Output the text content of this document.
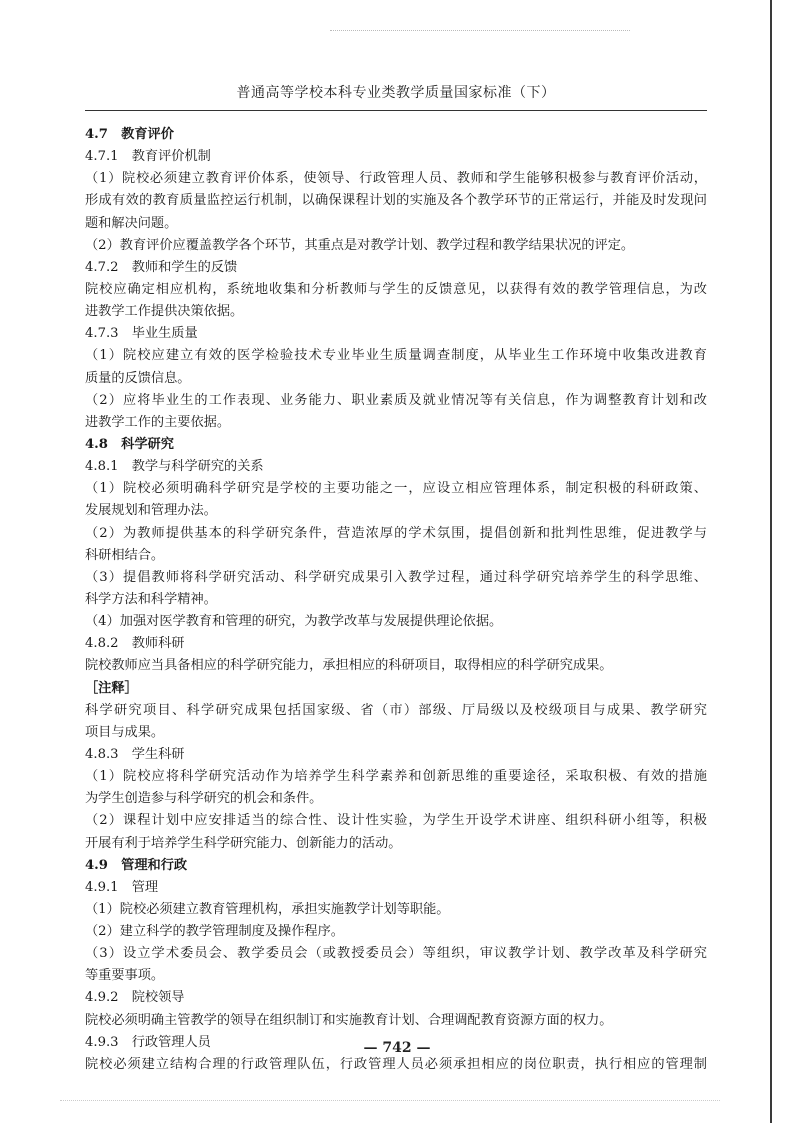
普通高等学校本科专业类教学质量国家标准（下）
4.7　教育评价
4.7.1　教育评价机制
（1）院校必须建立教育评价体系，使领导、行政管理人员、教师和学生能够积极参与教育评价活动，
形成有效的教育质量监控运行机制，以确保课程计划的实施及各个教学环节的正常运行，并能及时发现问
题和解决问题。
（2）教育评价应覆盖教学各个环节，其重点是对教学计划、教学过程和教学结果状况的评定。
4.7.2　教师和学生的反馈
院校应确定相应机构，系统地收集和分析教师与学生的反馈意见，以获得有效的教学管理信息，为改
进教学工作提供决策依据。
4.7.3　毕业生质量
（1）院校应建立有效的医学检验技术专业毕业生质量调查制度，从毕业生工作环境中收集改进教育
质量的反馈信息。
（2）应将毕业生的工作表现、业务能力、职业素质及就业情况等有关信息，作为调整教育计划和改
进教学工作的主要依据。
4.8　科学研究
4.8.1　教学与科学研究的关系
（1）院校必须明确科学研究是学校的主要功能之一，应设立相应管理体系，制定积极的科研政策、
发展规划和管理办法。
（2）为教师提供基本的科学研究条件，营造浓厚的学术氛围，提倡创新和批判性思维，促进教学与
科研相结合。
（3）提倡教师将科学研究活动、科学研究成果引入教学过程，通过科学研究培养学生的科学思维、
科学方法和科学精神。
（4）加强对医学教育和管理的研究，为教学改革与发展提供理论依据。
4.8.2　教师科研
院校教师应当具备相应的科学研究能力，承担相应的科研项目，取得相应的科学研究成果。
［注释］
科学研究项目、科学研究成果包括国家级、省（市）部级、厅局级以及校级项目与成果、教学研究
项目与成果。
4.8.3　学生科研
（1）院校应将科学研究活动作为培养学生科学素养和创新思维的重要途径，采取积极、有效的措施
为学生创造参与科学研究的机会和条件。
（2）课程计划中应安排适当的综合性、设计性实验，为学生开设学术讲座、组织科研小组等，积极
开展有利于培养学生科学研究能力、创新能力的活动。
4.9　管理和行政
4.9.1　管理
（1）院校必须建立教育管理机构，承担实施教学计划等职能。
（2）建立科学的教学管理制度及操作程序。
（3）设立学术委员会、教学委员会（或教授委员会）等组织，审议教学计划、教学改革及科学研究
等重要事项。
4.9.2　院校领导
院校必须明确主管教学的领导在组织制订和实施教育计划、合理调配教育资源方面的权力。
4.9.3　行政管理人员
院校必须建立结构合理的行政管理队伍，行政管理人员必须承担相应的岗位职责，执行相应的管理制
— 742 —
